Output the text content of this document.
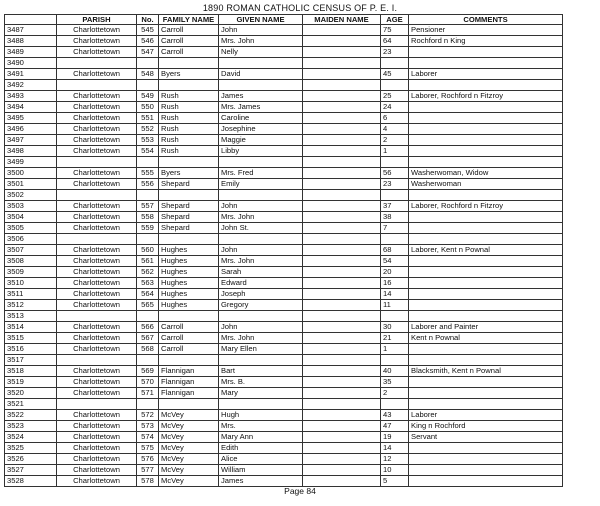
1890 ROMAN CATHOLIC CENSUS OF P. E. I.
	PARISH	No.	FAMILY NAME	GIVEN NAME	MAIDEN NAME	AGE	COMMENTS
3487	Charlottetown	545	Carroll	John		75	Pensioner
3488	Charlottetown	546	Carroll	Mrs. John		64	Rochford n King
3489	Charlottetown	547	Carroll	Nelly		23	
3490							
3491	Charlottetown	548	Byers	David		45	Laborer
3492							
3493	Charlottetown	549	Rush	James		25	Laborer, Rochford n Fitzroy
3494	Charlottetown	550	Rush	Mrs. James		24	
3495	Charlottetown	551	Rush	Caroline		6	
3496	Charlottetown	552	Rush	Josephine		4	
3497	Charlottetown	553	Rush	Maggie		2	
3498	Charlottetown	554	Rush	Libby		1	
3499							
3500	Charlottetown	555	Byers	Mrs. Fred		56	Washerwoman, Widow
3501	Charlottetown	556	Shepard	Emily		23	Washerwoman
3502							
3503	Charlottetown	557	Shepard	John		37	Laborer, Rochford n Fitzroy
3504	Charlottetown	558	Shepard	Mrs. John		38	
3505	Charlottetown	559	Shepard	John St.		7	
3506							
3507	Charlottetown	560	Hughes	John		68	Laborer, Kent n Pownal
3508	Charlottetown	561	Hughes	Mrs. John		54	
3509	Charlottetown	562	Hughes	Sarah		20	
3510	Charlottetown	563	Hughes	Edward		16	
3511	Charlottetown	564	Hughes	Joseph		14	
3512	Charlottetown	565	Hughes	Gregory		11	
3513							
3514	Charlottetown	566	Carroll	John		30	Laborer and Painter
3515	Charlottetown	567	Carroll	Mrs. John		21	Kent n Pownal
3516	Charlottetown	568	Carroll	Mary Ellen		1	
3517							
3518	Charlottetown	569	Flannigan	Bart		40	Blacksmith, Kent n Pownal
3519	Charlottetown	570	Flannigan	Mrs. B.		35	
3520	Charlottetown	571	Flannigan	Mary		2	
3521							
3522	Charlottetown	572	McVey	Hugh		43	Laborer
3523	Charlottetown	573	McVey	Mrs.		47	King n Rochford
3524	Charlottetown	574	McVey	Mary Ann		19	Servant
3525	Charlottetown	575	McVey	Edith		14	
3526	Charlottetown	576	McVey	Alice		12	
3527	Charlottetown	577	McVey	William		10	
3528	Charlottetown	578	McVey	James		5	
Page 84
